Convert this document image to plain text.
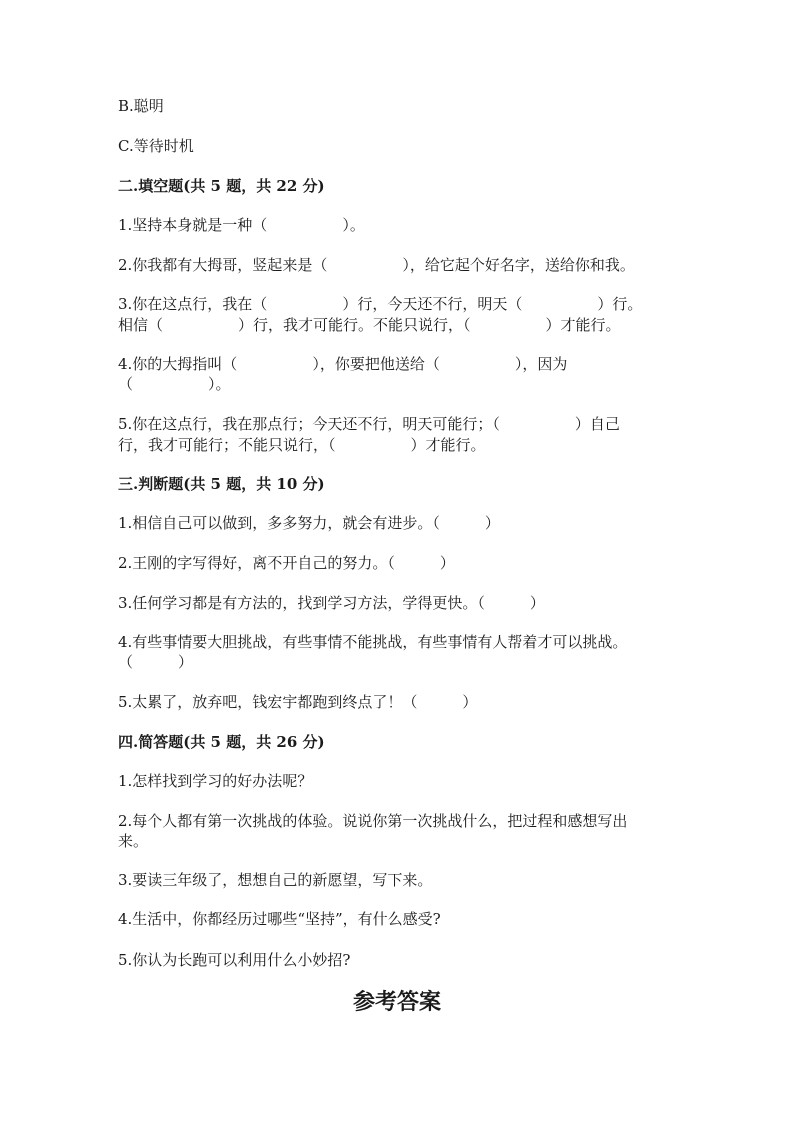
B.聪明
C.等待时机
二.填空题(共 5 题，共 22 分)
1.坚持本身就是一种（　　　　　）。
2.你我都有大拇哥，竖起来是（　　　　　），给它起个好名字，送给你和我。
3.你在这点行，我在（　　　　　）行，今天还不行，明天（　　　　　）行。
相信（　　　　　）行，我才可能行。不能只说行，（　　　　　）才能行。
4.你的大拇指叫（　　　　　），你要把他送给（　　　　　），因为
（　　　　　）。
5.你在这点行，我在那点行；今天还不行，明天可能行；（　　　　　）自己
行，我才可能行；不能只说行，（　　　　　）才能行。
三.判断题(共 5 题，共 10 分)
1.相信自己可以做到，多多努力，就会有进步。（　　　）
2.王刚的字写得好，离不开自己的努力。（　　　）
3.任何学习都是有方法的，找到学习方法，学得更快。（　　　）
4.有些事情要大胆挑战，有些事情不能挑战，有些事情有人帮着才可以挑战。
（　　　）
5.太累了，放弃吧，钱宏宇都跑到终点了！（　　　）
四.简答题(共 5 题，共 26 分)
1.怎样找到学习的好办法呢？
2.每个人都有第一次挑战的体验。说说你第一次挑战什么，把过程和感想写出
来。
3.要读三年级了，想想自己的新愿望，写下来。
4.生活中，你都经历过哪些“坚持”，有什么感受?
5.你认为长跑可以利用什么小妙招?
参考答案
